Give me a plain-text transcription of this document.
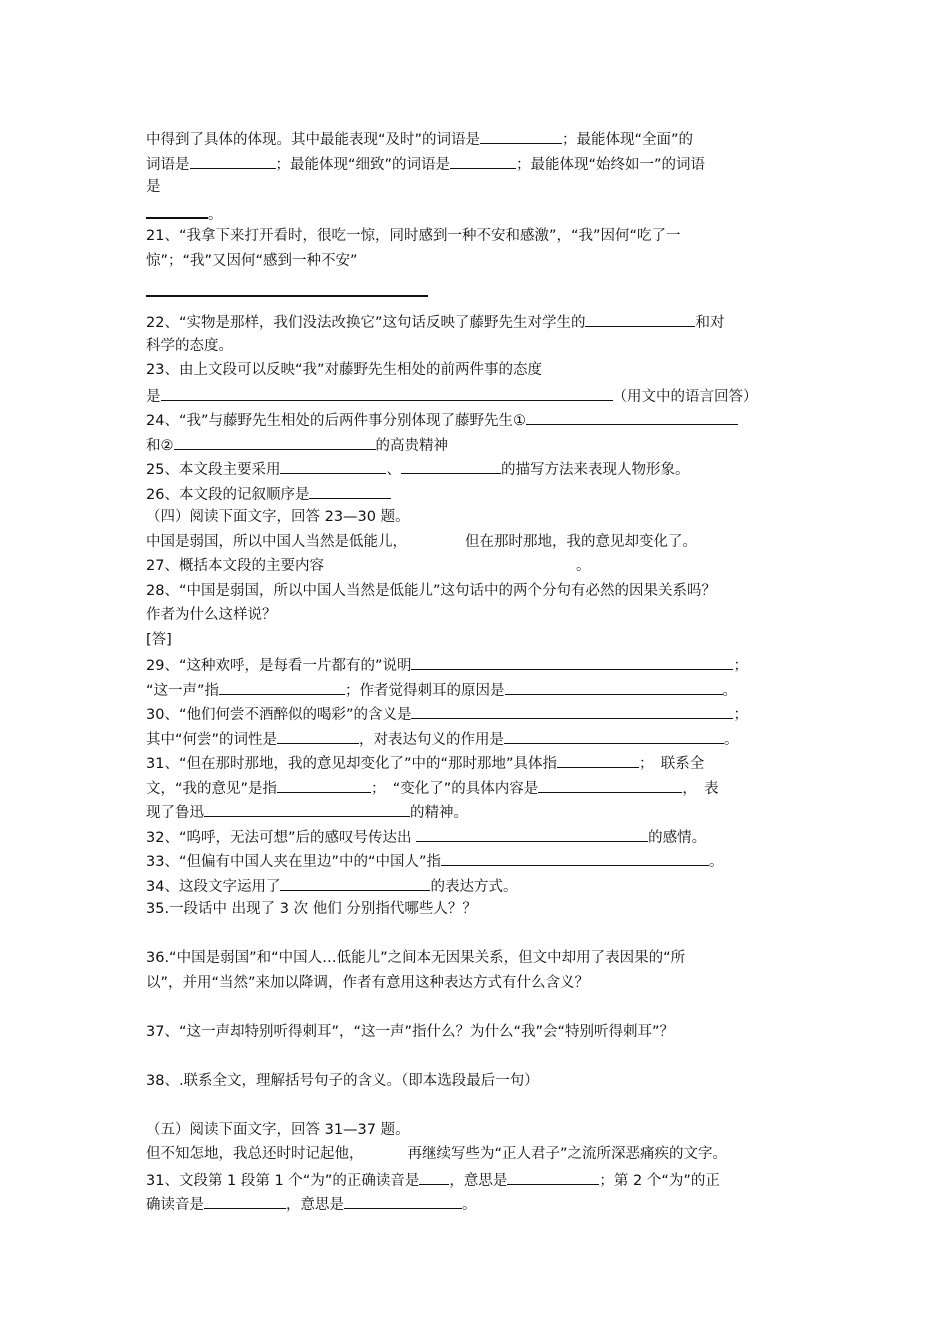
中得到了具体的体现。其中最能表现“及时”的词语是	；最能体现“全面”的
词语是	；最能体现“细致”的词语是	；最能体现“始终如一”的词语
是
。
21、“我拿下来打开看时，很吃一惊，同时感到一种不安和感激”，“我”因何“吃了一
惊”；“我”又因何“感到一种不安”
22、“实物是那样，我们没法改换它”这句话反映了藤野先生对学生的	和对
科学的态度。
23、由上文段可以反映“我”对藤野先生相处的前两件事的态度
是	（用文中的语言回答）
24、“我”与藤野先生相处的后两件事分别体现了藤野先生①
和②	的高贵精神
25、本文段主要采用	、	的描写方法来表现人物形象。
26、本文段的记叙顺序是
（四）阅读下面文字，回答 23—30 题。
中国是弱国，所以中国人当然是低能儿，	但在那时那地，我的意见却变化了。
27、概括本文段的主要内容	。
28、“中国是弱国，所以中国人当然是低能儿”这句话中的两个分句有必然的因果关系吗？
作者为什么这样说？
[答]
29、“这种欢呼，是每看一片都有的”说明	；
“这一声”指	；作者觉得刺耳的原因是	。
30、“他们何尝不酒醉似的喝彩”的含义是	；
其中“何尝”的词性是	，对表达句义的作用是	。
31、“但在那时那地，我的意见却变化了”中的“那时那地”具体指	；　联系全
文，“我的意见”是指	；　“变化了”的具体内容是	，　表
现了鲁迅	的精神。
32、“呜呼，无法可想”后的感叹号传达出	的感情。
33、“但偏有中国人夹在里边”中的“中国人”指	。
34、这段文字运用了	的表达方式。
35.一段话中 出现了 3 次 他们 分别指代哪些人？？
36.“中国是弱国”和“中国人…低能儿”之间本无因果关系，但文中却用了表因果的“所
以”，并用“当然”来加以降调，作者有意用这种表达方式有什么含义？
37、“这一声却特别听得刺耳”，“这一声”指什么？为什么“我”会“特别听得刺耳”？
38、.联系全文，理解括号句子的含义。（即本选段最后一句）
（五）阅读下面文字，回答 31—37 题。
但不知怎地，我总还时时记起他，	再继续写些为“正人君子”之流所深恶痛疾的文字。
31、文段第 1 段第 1 个“为”的正确读音是 ，意思是	；第 2 个“为”的正
确读音是	，意思是	。
